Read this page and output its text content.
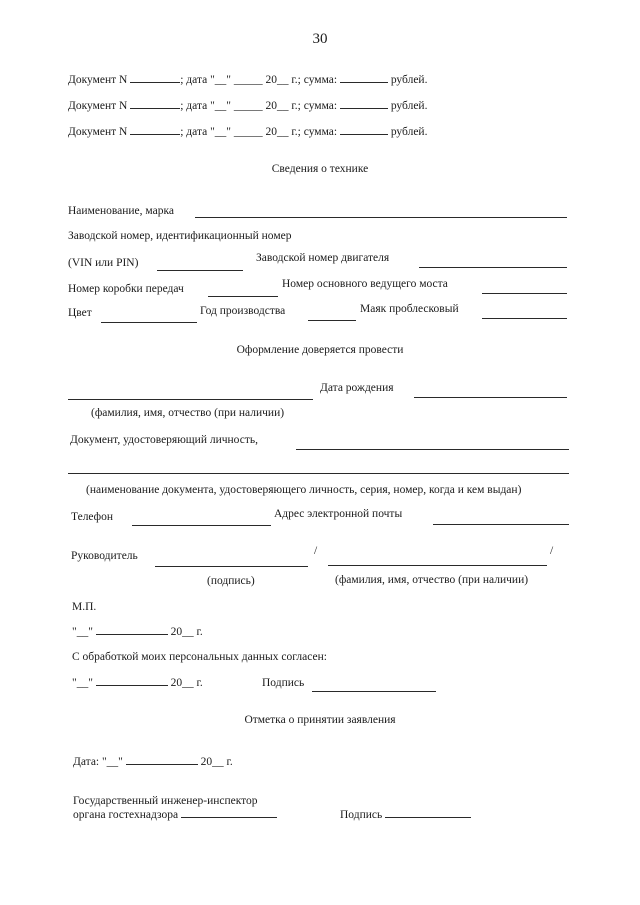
30
Документ N	; дата "__" _____ 20__ г.; сумма:	рублей.
Документ N	; дата "__" _____ 20__ г.; сумма:	рублей.
Документ N	; дата "__" _____ 20__ г.; сумма:	рублей.
Сведения о технике
Наименование, марка
Заводской номер, идентификационный номер
(VIN или PIN)	Заводской номер двигателя
Номер коробки передач	Номер основного ведущего моста
Цвет	Год производства	Маяк проблесковый
Оформление доверяется провести
Дата рождения
(фамилия, имя, отчество (при наличии)
Документ, удостоверяющий личность,
(наименование документа, удостоверяющего личность, серия, номер, когда и кем выдан)
Телефон	Адрес электронной почты
Руководитель	/	/
(подпись)	(фамилия, имя, отчество (при наличии)
М.П.
"__"	20__ г.
С обработкой моих персональных данных согласен:
"__"	20__ г.	Подпись
Отметка о принятии заявления
Дата: "__"	20__ г.
Государственный инженер-инспектор
органа гостехнадзора	Подпись
